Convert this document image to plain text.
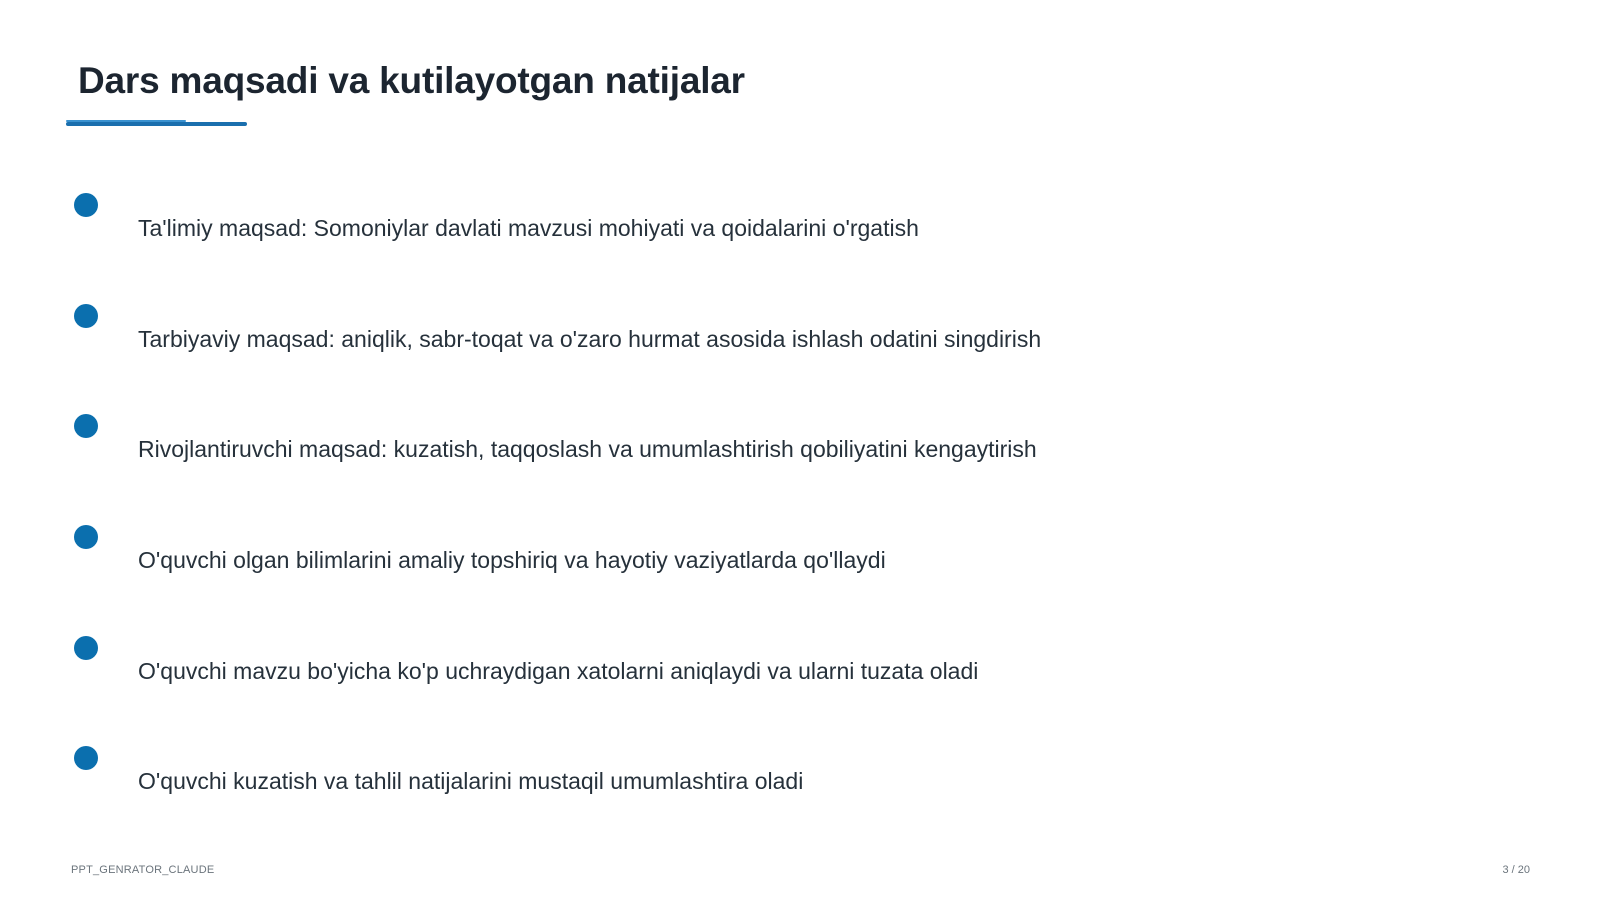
Dars maqsadi va kutilayotgan natijalar
Ta'limiy maqsad: Somoniylar davlati mavzusi mohiyati va qoidalarini o'rgatish
Tarbiyaviy maqsad: aniqlik, sabr-toqat va o'zaro hurmat asosida ishlash odatini singdirish
Rivojlantiruvchi maqsad: kuzatish, taqqoslash va umumlashtirish qobiliyatini kengaytirish
O'quvchi olgan bilimlarini amaliy topshiriq va hayotiy vaziyatlarda qo'llaydi
O'quvchi mavzu bo'yicha ko'p uchraydigan xatolarni aniqlaydi va ularni tuzata oladi
O'quvchi kuzatish va tahlil natijalarini mustaqil umumlashtira oladi
PPT_GENRATOR_CLAUDE	3 / 20
